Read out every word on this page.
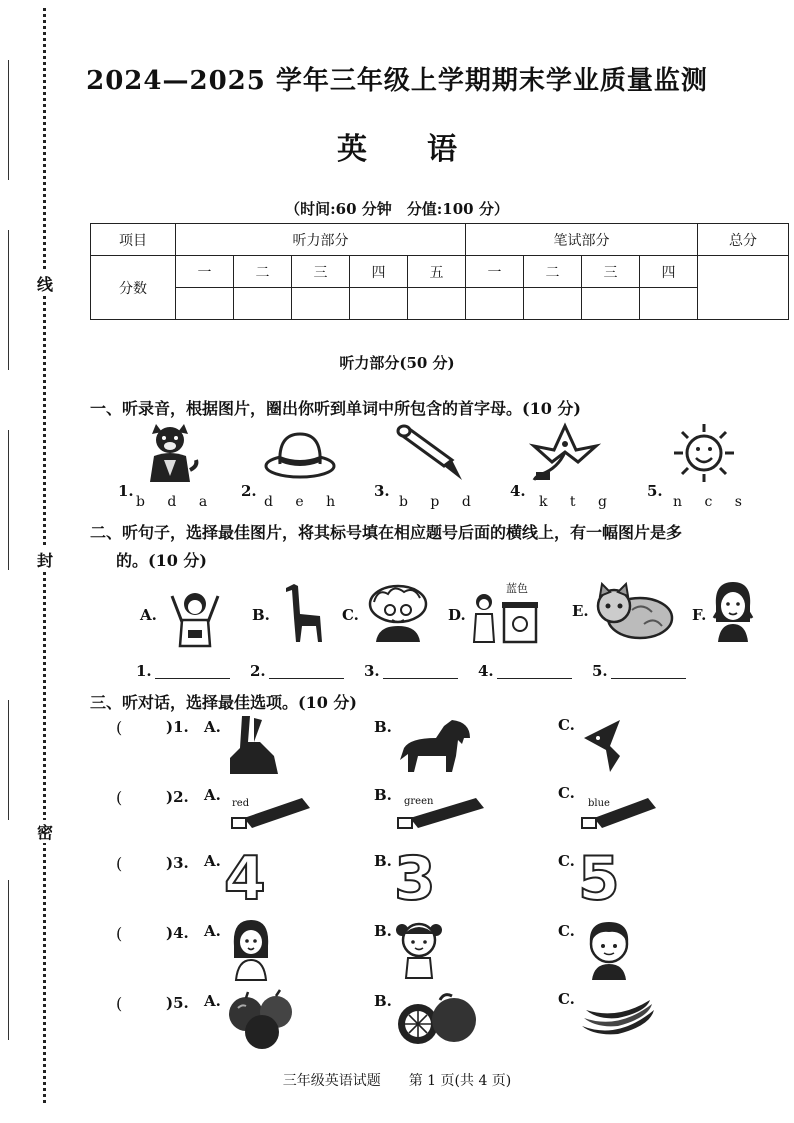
线
封
密
2024—2025 学年三年级上学期期末学业质量监测
英语
（时间:60 分钟　分值:100 分）
项目	听力部分					笔试部分				总分
分数	一	二	三	四	五	一	二	三	四	

听力部分(50 分)
一、听录音，根据图片，圈出你听到单词中所包含的首字母。(10 分)
1.
b d a
2.
d e h
3.
b p d
4.
k t g
5.
n c s
二、听句子，选择最佳图片，将其标号填在相应题号后面的横线上，有一幅图片是多
的。(10 分)
A.	B.	C.	D.
蓝色
E.	F.
1.	2.	3.	4.	5.
三、听对话，选择最佳选项。(10 分)
(	)1. A.	B.	C.
(	)2. A. red	B. green	C.
blue
(	)3. A. 4	B. 3	C. 5
(	)4. A.	B.	C.
(	)5. A.	B.	C.
三年级英语试题　　第 1 页(共 4 页)
